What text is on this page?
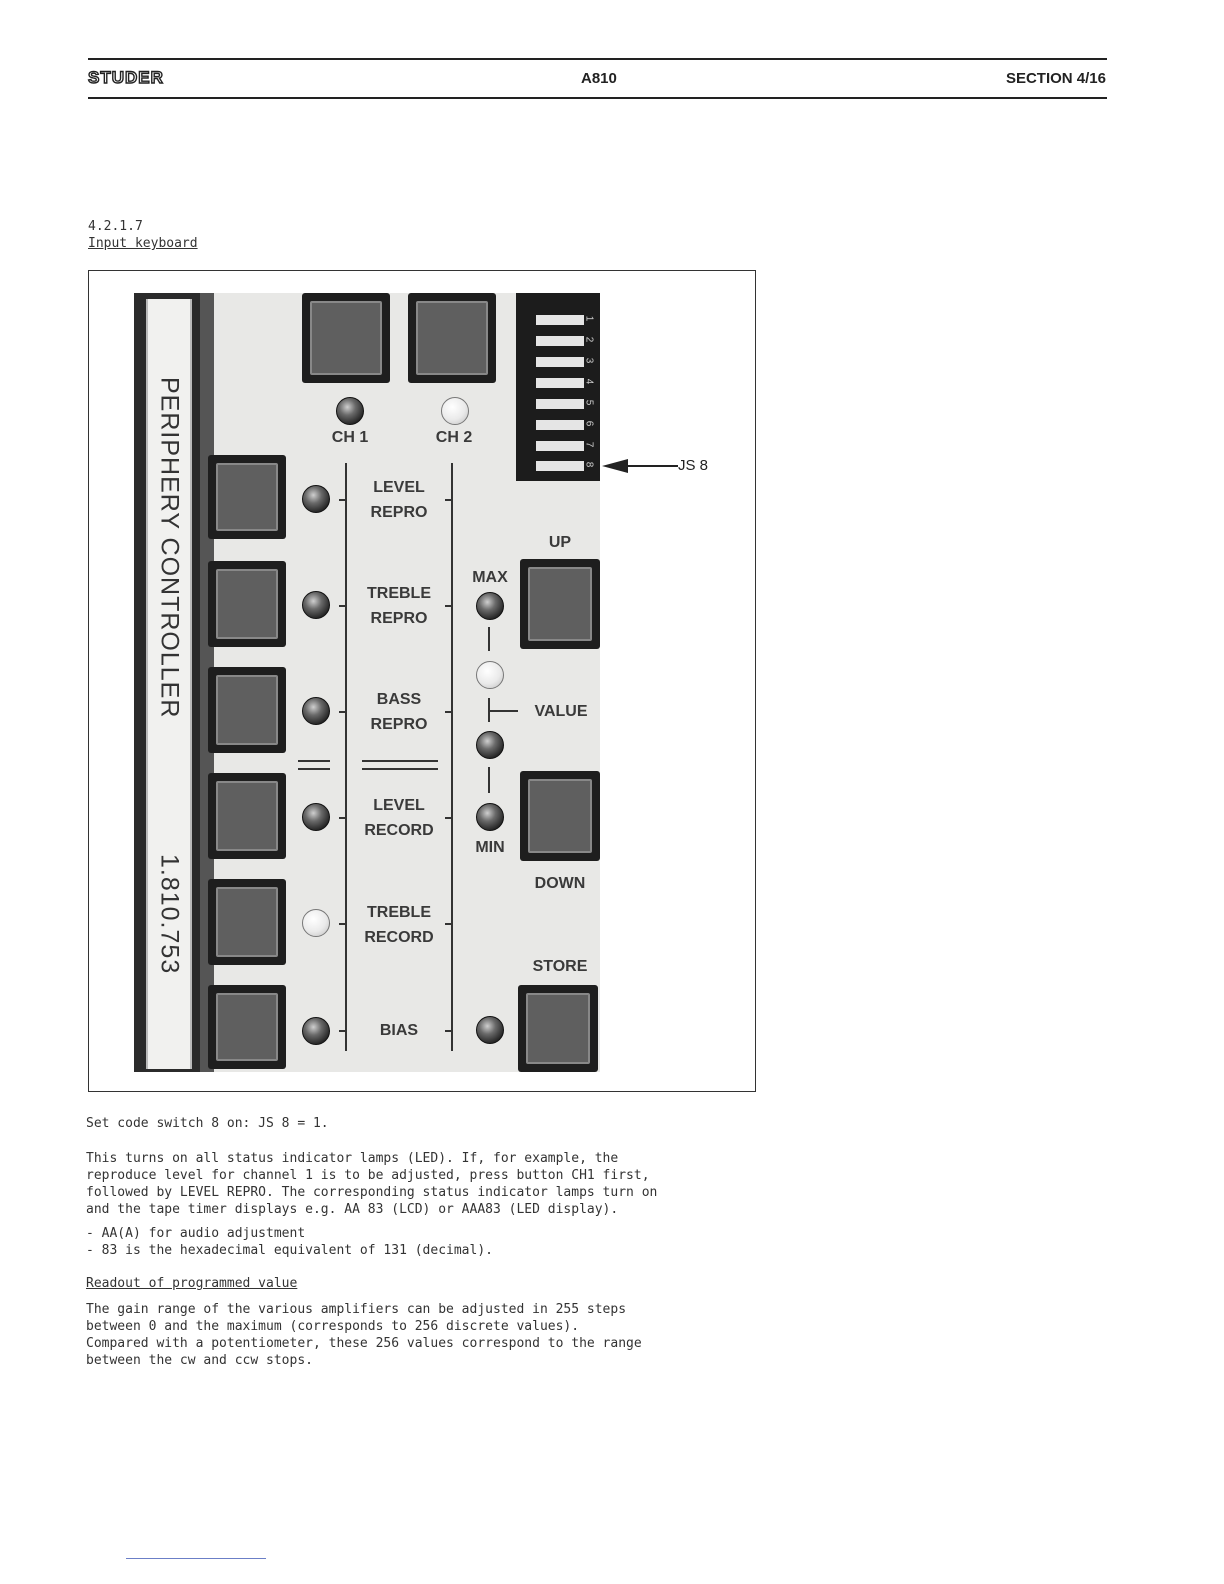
STUDER	A810	SECTION 4/16
4.2.1.7
Input keyboard
PERIPHERY CONTROLLER
1.810.753
CH 1	CH 2
1
2
3
4
5
6
7
8
LEVEL
REPRO
TREBLE
REPRO
BASS
REPRO
LEVEL
RECORD
TREBLE
RECORD
BIAS
MAX
MIN
VALUE
UP
DOWN
STORE
JS 8
Set code switch 8 on: JS 8 = 1.
This turns on all status indicator lamps (LED). If, for example, the
reproduce level for channel 1 is to be adjusted, press button CH1 first,
followed by LEVEL REPRO. The corresponding status indicator lamps turn on
and the tape timer displays e.g. AA 83 (LCD) or AAA83 (LED display).
- AA(A) for audio adjustment
- 83 is the hexadecimal equivalent of 131 (decimal).
Readout of programmed value
The gain range of the various amplifiers can be adjusted in 255 steps
between 0 and the maximum (corresponds to 256 discrete values).
Compared with a potentiometer, these 256 values correspond to the range
between the cw and ccw stops.
